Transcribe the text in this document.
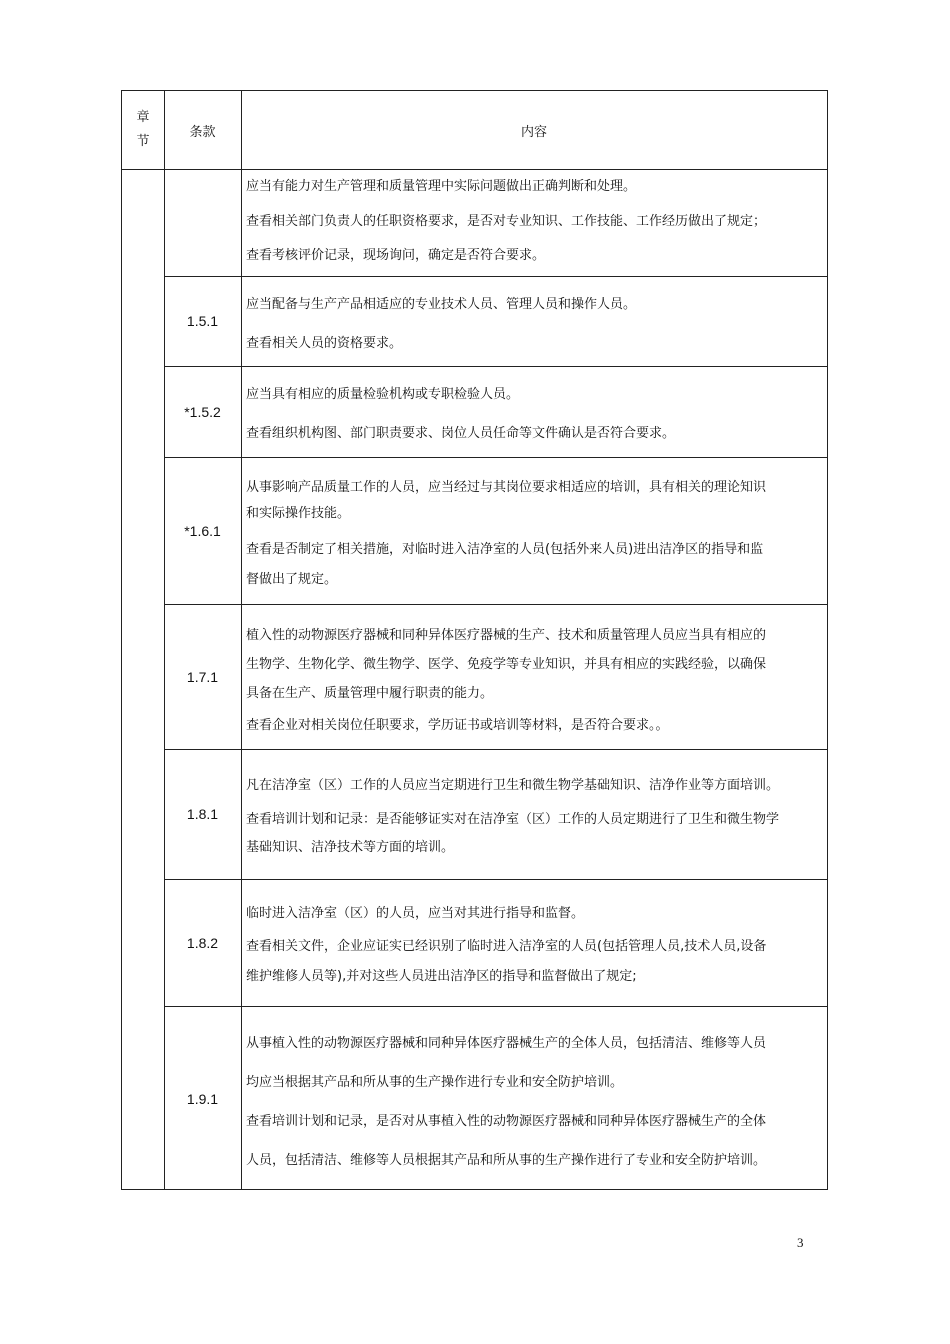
章
节
条款	内容

应当有能力对生产管理和质量管理中实际问题做出正确判断和处理。

查看相关部门负责人的任职资格要求，是否对专业知识、工作技能、工作经历做出了规定；

查看考核评价记录，现场询问，确定是否符合要求。

1.5.1

应当配备与生产产品相适应的专业技术人员、管理人员和操作人员。

查看相关人员的资格要求。

*1.5.2

应当具有相应的质量检验机构或专职检验人员。

查看组织机构图、部门职责要求、岗位人员任命等文件确认是否符合要求。

*1.6.1

从事影响产品质量工作的人员，应当经过与其岗位要求相适应的培训，具有相关的理论知识

和实际操作技能。

查看是否制定了相关措施，对临时进入洁净室的人员(包括外来人员)进出洁净区的指导和监

督做出了规定。

1.7.1

植入性的动物源医疗器械和同种异体医疗器械的生产、技术和质量管理人员应当具有相应的

生物学、生物化学、微生物学、医学、免疫学等专业知识，并具有相应的实践经验，以确保

具备在生产、质量管理中履行职责的能力。

查看企业对相关岗位任职要求，学历证书或培训等材料，是否符合要求。。

1.8.1

凡在洁净室（区）工作的人员应当定期进行卫生和微生物学基础知识、洁净作业等方面培训。

查看培训计划和记录：是否能够证实对在洁净室（区）工作的人员定期进行了卫生和微生物学

基础知识、洁净技术等方面的培训。

1.8.2

临时进入洁净室（区）的人员，应当对其进行指导和监督。

查看相关文件，企业应证实已经识别了临时进入洁净室的人员(包括管理人员,技术人员,设备

维护维修人员等),并对这些人员进出洁净区的指导和监督做出了规定;

1.9.1

从事植入性的动物源医疗器械和同种异体医疗器械生产的全体人员，包括清洁、维修等人员

均应当根据其产品和所从事的生产操作进行专业和安全防护培训。

查看培训计划和记录，是否对从事植入性的动物源医疗器械和同种异体医疗器械生产的全体

人员，包括清洁、维修等人员根据其产品和所从事的生产操作进行了专业和安全防护培训。

3
